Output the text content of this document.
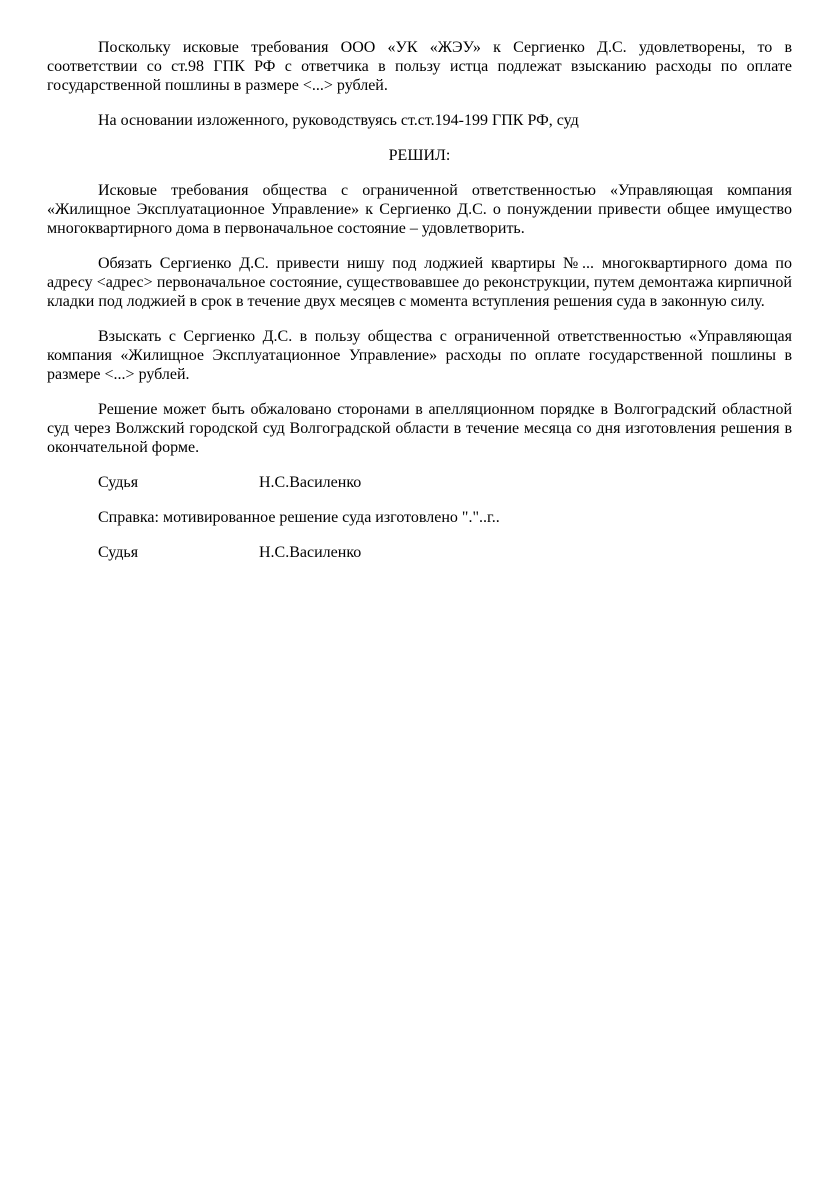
Поскольку исковые требования ООО «УК «ЖЭУ» к Сергиенко Д.С. удовлетворены, то в соответствии со ст.98 ГПК РФ с ответчика в пользу истца подлежат взысканию расходы по оплате государственной пошлины в размере <...> рублей.

На основании изложенного, руководствуясь ст.ст.194-199 ГПК РФ, суд

РЕШИЛ:

Исковые требования общества с ограниченной ответственностью «Управляющая компания «Жилищное Эксплуатационное Управление» к Сергиенко Д.С. о понуждении привести общее имущество многоквартирного дома в первоначальное состояние – удовлетворить.

Обязать Сергиенко Д.С. привести нишу под лоджией квартиры №... многоквартирного дома по адресу <адрес> первоначальное состояние, существовавшее до реконструкции, путем демонтажа кирпичной кладки под лоджией в срок в течение двух месяцев с момента вступления решения суда в законную силу.

Взыскать с Сергиенко Д.С. в пользу общества с ограниченной ответственностью «Управляющая компания «Жилищное Эксплуатационное Управление» расходы по оплате государственной пошлины в размере <...> рублей.

Решение может быть обжаловано сторонами в апелляционном порядке в Волгоградский областной суд через Волжский городской суд Волгоградской области в течение месяца со дня изготовления решения в окончательной форме.

Судья	Н.С.Василенко
Справка: мотивированное решение суда изготовлено "."..г..
Судья	Н.С.Василенко
